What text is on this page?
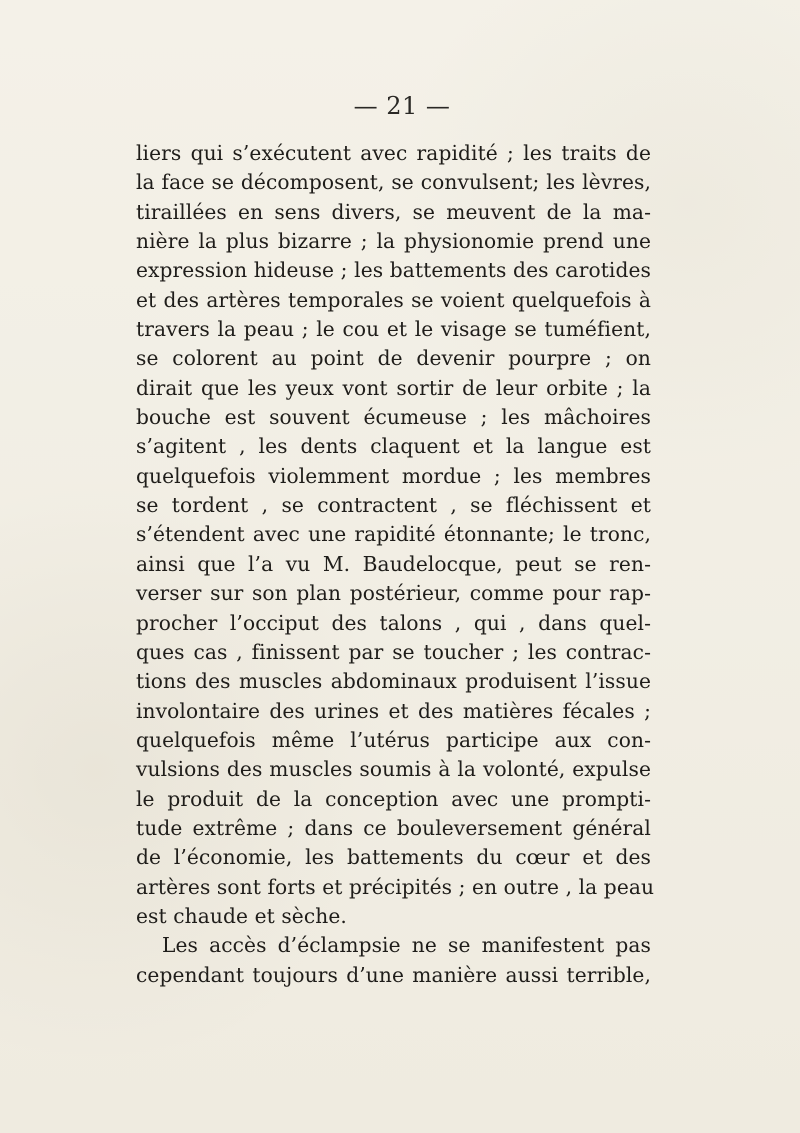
— 21 —
liers qui s’exécutent avec rapidité ; les traits de
la face se décomposent, se convulsent; les lèvres,
tiraillées en sens divers, se meuvent de la ma-
nière la plus bizarre ; la physionomie prend une
expression hideuse ; les battements des carotides
et des artères temporales se voient quelquefois à
travers la peau ; le cou et le visage se tuméfient,
se colorent au point de devenir pourpre ; on
dirait que les yeux vont sortir de leur orbite ; la
bouche est souvent écumeuse ; les mâchoires
s’agitent , les dents claquent et la langue est
quelquefois violemment mordue ; les membres
se tordent , se contractent , se fléchissent et
s’étendent avec une rapidité étonnante; le tronc,
ainsi que l’a vu M. Baudelocque, peut se ren-
verser sur son plan postérieur, comme pour rap-
procher l’occiput des talons , qui , dans quel-
ques cas , finissent par se toucher ; les contrac-
tions des muscles abdominaux produisent l’issue
involontaire des urines et des matières fécales ;
quelquefois même l’utérus participe aux con-
vulsions des muscles soumis à la volonté, expulse
le produit de la conception avec une prompti-
tude extrême ; dans ce bouleversement général
de l’économie, les battements du cœur et des
artères sont forts et précipités ; en outre , la peau
est chaude et sèche.
Les accès d’éclampsie ne se manifestent pas
cependant toujours d’une manière aussi terrible,
